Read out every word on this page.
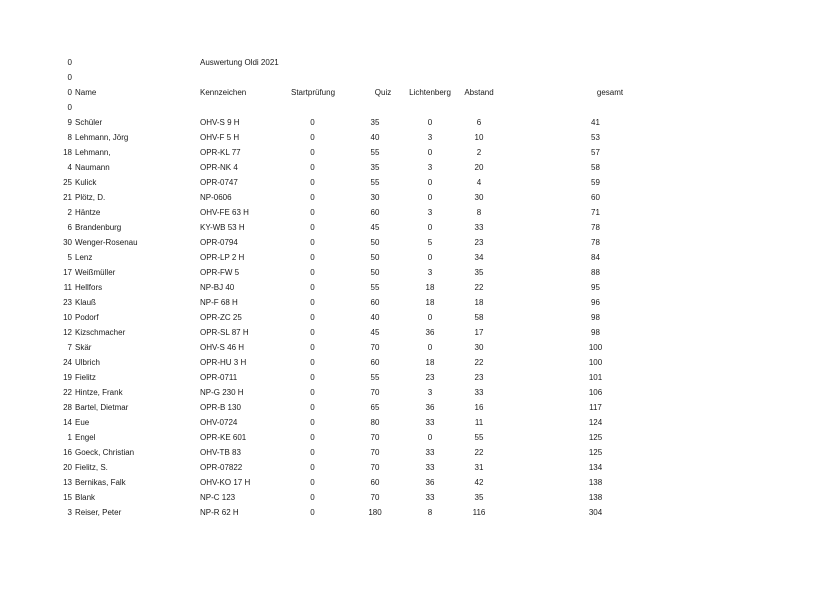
0	Auswertung Oldi 2021
0
0 Name	Kennzeichen	Startprüfung	Quiz	Lichtenberg	Abstand	gesamt
0
9 Schüler	OHV-S 9 H	0	35	0	6	41
8 Lehmann, Jörg	OHV-F 5 H	0	40	3	10	53
18 Lehmann,	OPR-KL 77	0	55	0	2	57
4 Naumann	OPR-NK 4	0	35	3	20	58
25 Kulick	OPR-0747	0	55	0	4	59
21 Plötz, D.	NP-0606	0	30	0	30	60
2 Häntze	OHV-FE 63 H	0	60	3	8	71
6 Brandenburg	KY-WB 53 H	0	45	0	33	78
30 Wenger-Rosenau	OPR-0794	0	50	5	23	78
5 Lenz	OPR-LP 2 H	0	50	0	34	84
17 Weißmüller	OPR-FW 5	0	50	3	35	88
11 Hellfors	NP-BJ 40	0	55	18	22	95
23 Klauß	NP-F 68 H	0	60	18	18	96
10 Podorf	OPR-ZC 25	0	40	0	58	98
12 Kizschmacher	OPR-SL 87 H	0	45	36	17	98
7 Skär	OHV-S 46 H	0	70	0	30	100
24 Ulbrich	OPR-HU 3 H	0	60	18	22	100
19 Fielitz	OPR-0711	0	55	23	23	101
22 Hintze, Frank	NP-G 230 H	0	70	3	33	106
28 Bartel, Dietmar	OPR-B 130	0	65	36	16	117
14 Eue	OHV-0724	0	80	33	11	124
1 Engel	OPR-KE 601	0	70	0	55	125
16 Goeck, Christian	OHV-TB 83	0	70	33	22	125
20 Fielitz, S.	OPR-07822	0	70	33	31	134
13 Bernikas, Falk	OHV-KO 17 H	0	60	36	42	138
15 Blank	NP-C 123	0	70	33	35	138
3 Reiser, Peter	NP-R 62 H	0	180	8	116	304
